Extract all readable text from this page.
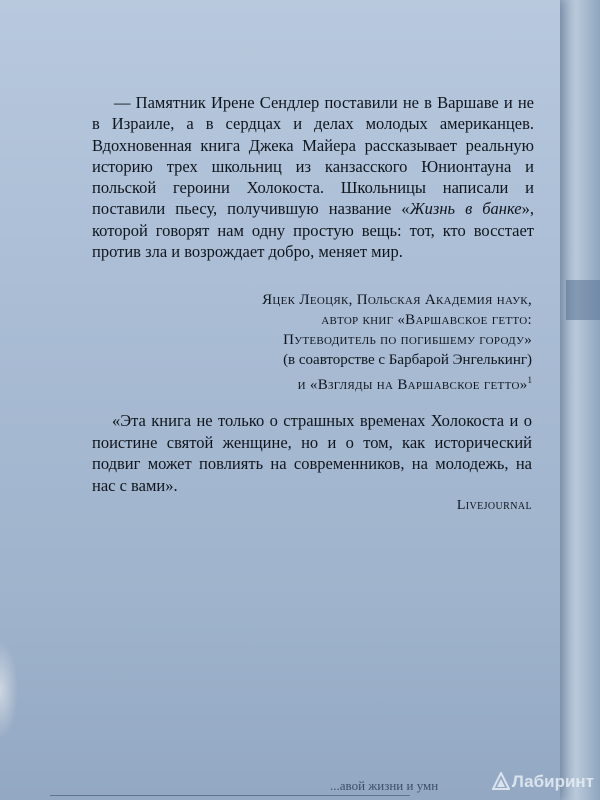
— Памятник Ирене Сендлер поставили не в Варшаве и не в Израиле, а в сердцах и делах молодых американцев. Вдохновенная книга Джека Майера рассказывает реальную историю трех школьниц из канзасского Юнионтауна и польской героини Холокоста. Школьницы написали и поставили пьесу, получившую название «Жизнь в банке», которой говорят нам одну простую вещь: тот, кто восстает против зла и возрождает добро, меняет мир.

Яцек Леоцяк, Польская Академия наук,
автор книг «Варшавское гетто:
Путеводитель по погибшему городу»
(в соавторстве с Барбарой Энгелькинг)
и «Взгляды на Варшавское гетто»$^1$

«Эта книга не только о страшных временах Холокоста и о поистине святой женщине, но и о том, как исторический подвиг может повлиять на современников, на молодежь, на нас с вами».

Livejournal
...авой жизни и умн	Лабиринт
